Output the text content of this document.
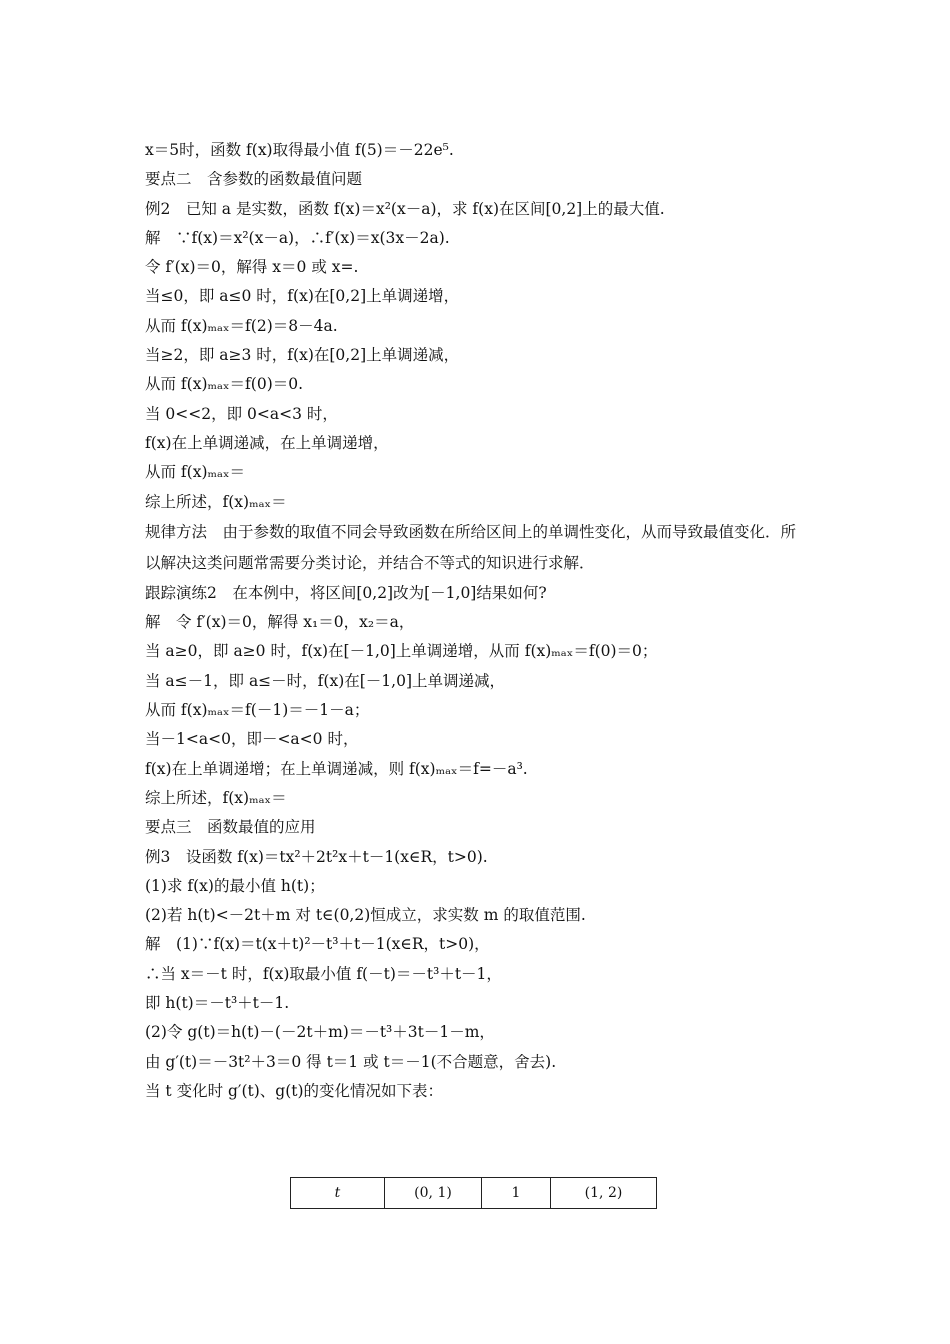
x＝5时，函数 f(x)取得最小值 f(5)＝－22e⁵.
要点二　含参数的函数最值问题
例2　已知 a 是实数，函数 f(x)＝x²(x－a)，求 f(x)在区间[0,2]上的最大值.
解　∵f(x)＝x²(x－a)，∴f′(x)＝x(3x－2a).
令 f′(x)＝0，解得 x＝0 或 x=.
当≤0，即 a≤0 时，f(x)在[0,2]上单调递增，
从而 f(x)ₘₐₓ＝f(2)＝8－4a.
当≥2，即 a≥3 时，f(x)在[0,2]上单调递减，
从而 f(x)ₘₐₓ＝f(0)＝0.
当 0<<2，即 0<a<3 时，
f(x)在上单调递减，在上单调递增，
从而 f(x)ₘₐₓ＝
综上所述，f(x)ₘₐₓ＝
规律方法　由于参数的取值不同会导致函数在所给区间上的单调性变化，从而导致最值变化．所以解决这类问题常需要分类讨论，并结合不等式的知识进行求解．
跟踪演练2　在本例中，将区间[0,2]改为[－1,0]结果如何?
解　令 f′(x)＝0，解得 x₁＝0，x₂＝a，
当 a≥0，即 a≥0 时，f(x)在[－1,0]上单调递增，从而 f(x)ₘₐₓ＝f(0)＝0；
当 a≤－1，即 a≤－时，f(x)在[－1,0]上单调递减，
从而 f(x)ₘₐₓ＝f(－1)＝－1－a；
当－1<a<0，即－<a<0 时，
f(x)在上单调递增；在上单调递减，则 f(x)ₘₐₓ＝f=－a³.
综上所述，f(x)ₘₐₓ＝
要点三　函数最值的应用
例3　设函数 f(x)＝tx²＋2t²x＋t－1(x∈R，t>0).
(1)求 f(x)的最小值 h(t)；
(2)若 h(t)<－2t＋m 对 t∈(0,2)恒成立，求实数 m 的取值范围.
解　(1)∵f(x)＝t(x＋t)²－t³＋t－1(x∈R，t>0)，
∴当 x＝－t 时，f(x)取最小值 f(－t)＝－t³＋t－1，
即 h(t)＝－t³＋t－1.
(2)令 g(t)＝h(t)－(－2t＋m)＝－t³＋3t－1－m，
由 g′(t)＝－3t²＋3＝0 得 t＝1 或 t＝－1(不合题意，舍去).
当 t 变化时 g′(t)、g(t)的变化情况如下表：
t	(0, 1)	1	(1, 2)
